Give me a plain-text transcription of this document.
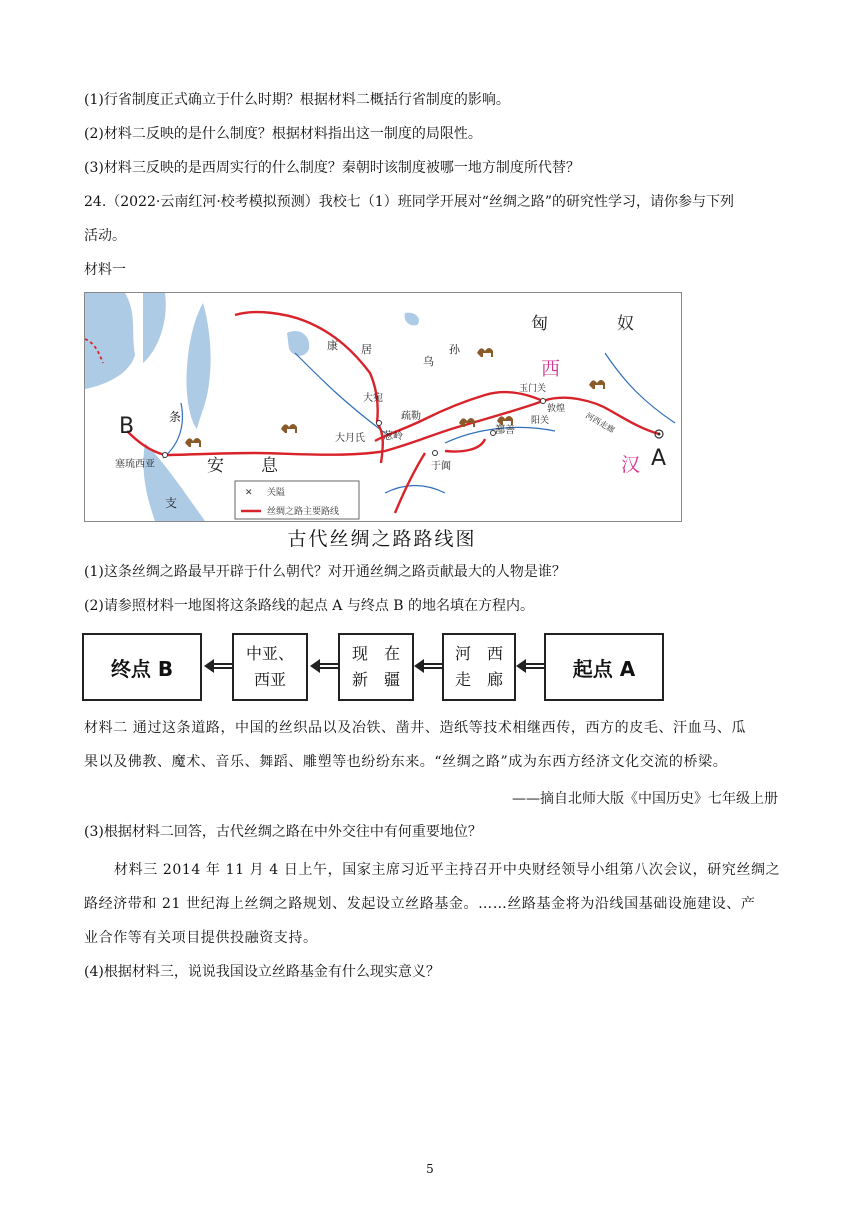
(1)行省制度正式确立于什么时期？根据材料二概括行省制度的影响。
(2)材料二反映的是什么制度？根据材料指出这一制度的局限性。
(3)材料三反映的是西周实行的什么制度？秦朝时该制度被哪一地方制度所代替？
24.（2022·云南红河·校考模拟预测）我校七（1）班同学开展对“丝绸之路”的研究性学习，请你参与下列
活动。
材料一
✕ 关隘
丝绸之路主要路线
匈	奴
西
汉 A
B
康 居
乌
孙
大宛
疏勒
葱岭
大月氏
玉门关
敦煌
阳关
鄯善
于阗
河西走廊
条
支
安 息
塞琉西亚
古代丝绸之路路线图
(1)这条丝绸之路最早开辟于什么朝代？对开通丝绸之路贡献最大的人物是谁？
(2)请参照材料一地图将这条路线的起点 A 与终点 B 的地名填在方程内。
终点 B
中亚、
西亚
现　在
新　疆
河　西
走　廊	起点 A
材料二 通过这条道路，中国的丝织品以及冶铁、凿井、造纸等技术相继西传，西方的皮毛、汗血马、瓜
果以及佛教、魔术、音乐、舞蹈、雕塑等也纷纷东来。“丝绸之路”成为东西方经济文化交流的桥梁。
——摘自北师大版《中国历史》七年级上册
(3)根据材料二回答，古代丝绸之路在中外交往中有何重要地位？
材料三 2014 年 11 月 4 日上午，国家主席习近平主持召开中央财经领导小组第八次会议，研究丝绸之
路经济带和 21 世纪海上丝绸之路规划、发起设立丝路基金。……丝路基金将为沿线国基础设施建设、产
业合作等有关项目提供投融资支持。
(4)根据材料三，说说我国设立丝路基金有什么现实意义？
5
